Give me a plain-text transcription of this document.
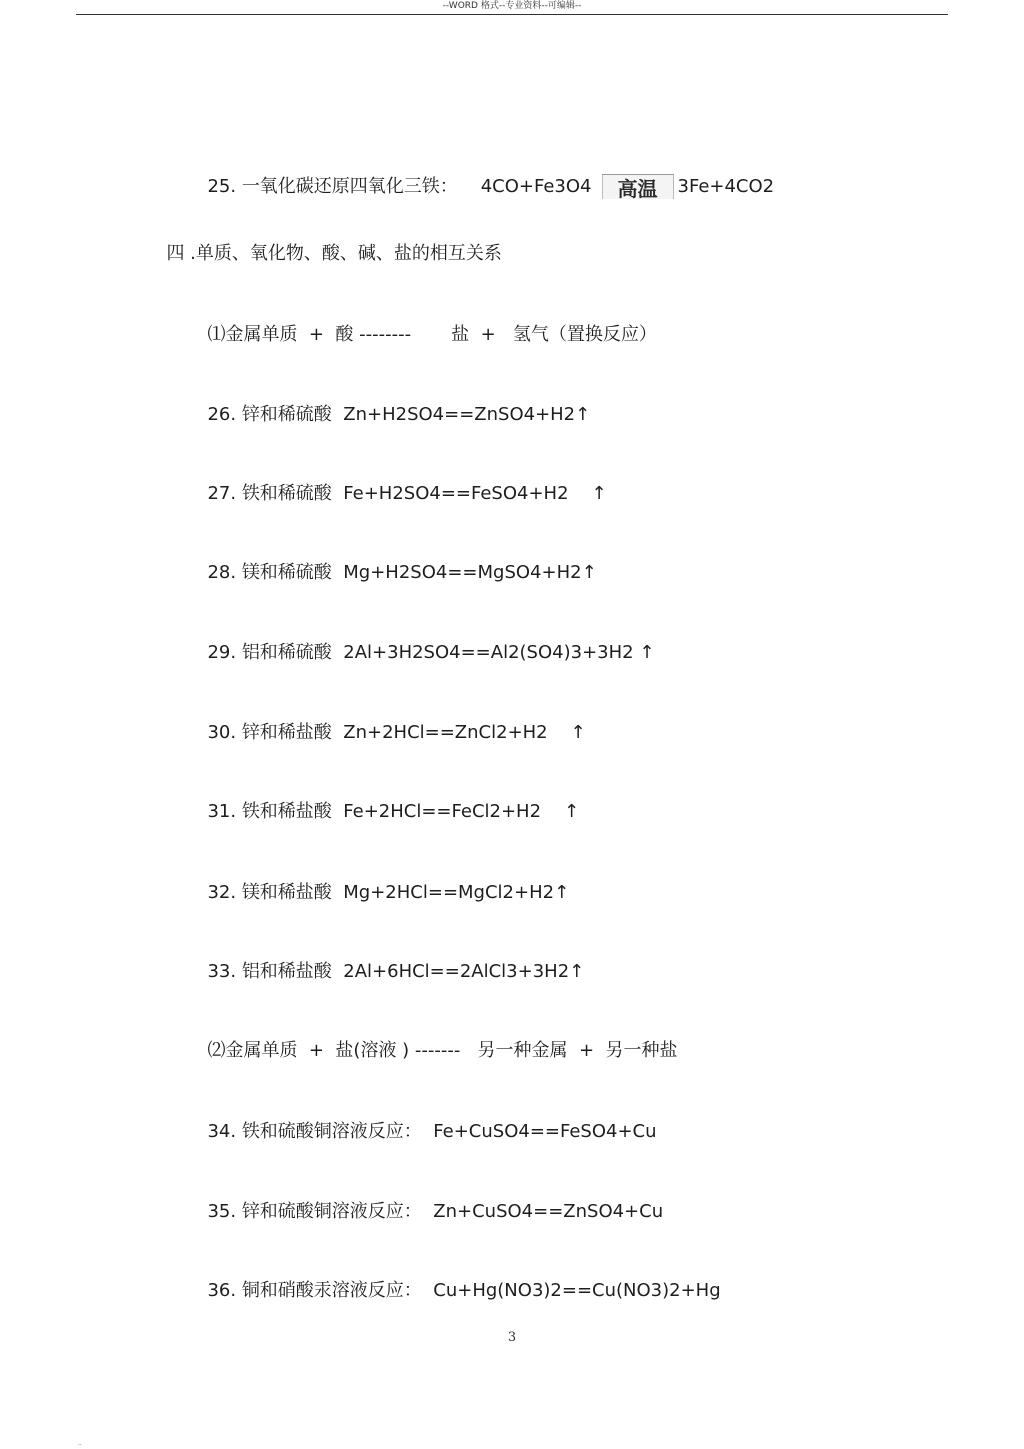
--WORD 格式--专业资料--可编辑--

25. 一氧化碳还原四氧化三铁： 4CO+Fe3O4 高温 3Fe+4CO2

四 .单质、氧化物、酸、碱、盐的相互关系

⑴金属单质  +  酸 --------       盐  +   氢气（置换反应）

26. 锌和稀硫酸  Zn+H2SO4==ZnSO4+H2↑

27. 铁和稀硫酸  Fe+H2SO4==FeSO4+H2 ↑

28. 镁和稀硫酸  Mg+H2SO4==MgSO4+H2↑

29. 铝和稀硫酸  2Al+3H2SO4==Al2(SO4)3+3H2 ↑

30. 锌和稀盐酸  Zn+2HCl==ZnCl2+H2 ↑

31. 铁和稀盐酸  Fe+2HCl==FeCl2+H2 ↑

32. 镁和稀盐酸  Mg+2HCl==MgCl2+H2↑

33. 铝和稀盐酸  2Al+6HCl==2AlCl3+3H2↑

⑵金属单质  +  盐(溶液 ) -------   另一种金属  +  另一种盐

34. 铁和硫酸铜溶液反应：  Fe+CuSO4==FeSO4+Cu

35. 锌和硫酸铜溶液反应：  Zn+CuSO4==ZnSO4+Cu

36. 铜和硝酸汞溶液反应：  Cu+Hg(NO3)2==Cu(NO3)2+Hg

3
..
